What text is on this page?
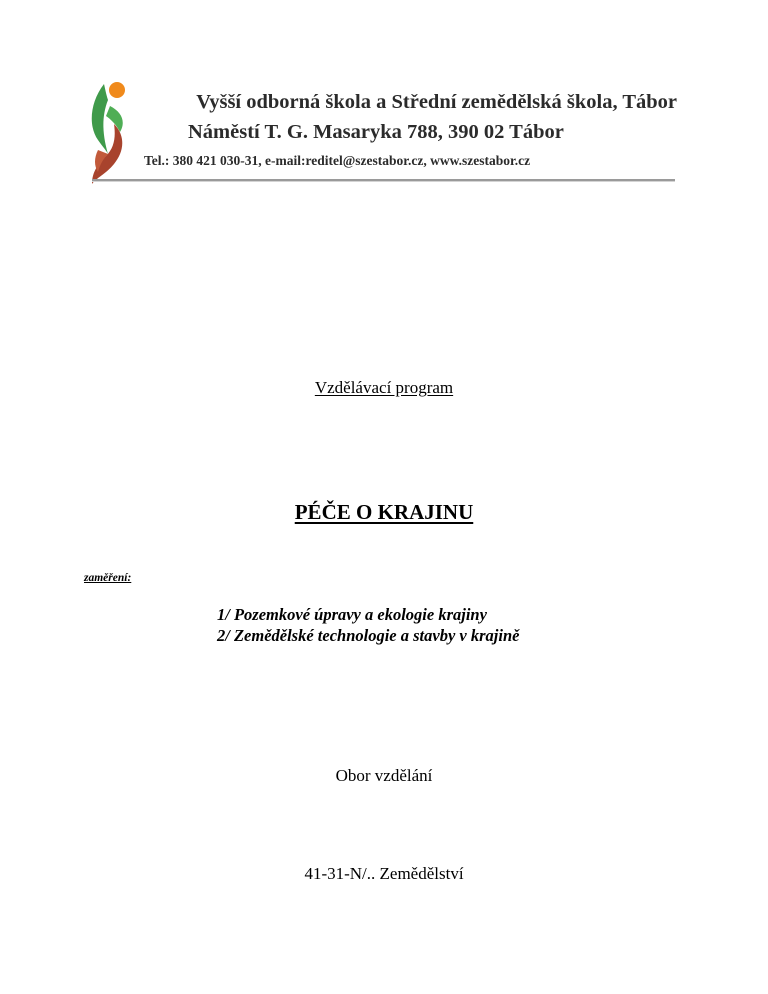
Vyšší odborná škola a Střední zemědělská škola, Tábor

Náměstí T. G. Masaryka 788, 390 02 Tábor

Tel.: 380 421 030-31, e-mail:reditel@szestabor.cz, www.szestabor.cz

Vzdělávací program
PÉČE O KRAJINU
zaměření:
1/ Pozemkové úpravy a ekologie krajiny
2/ Zemědělské technologie a stavby v krajině
Obor vzdělání
41-31-N/.. Zemědělství
